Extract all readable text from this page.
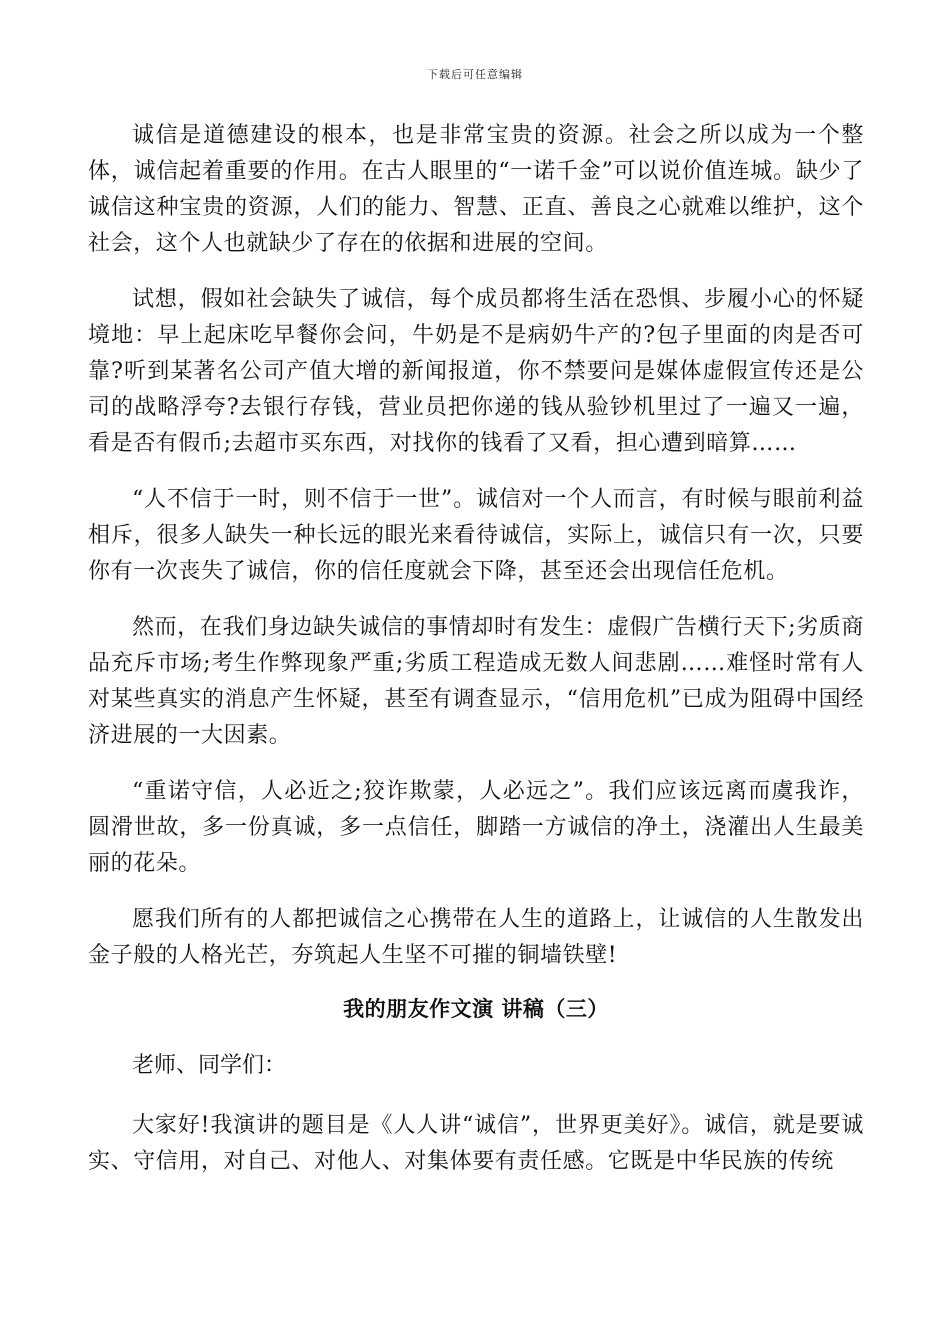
下载后可任意编辑

诚信是道德建设的根本，也是非常宝贵的资源。社会之所以成为一个整体，诚信起着重要的作用。在古人眼里的“一诺千金”可以说价值连城。缺少了诚信这种宝贵的资源，人们的能力、智慧、正直、善良之心就难以维护，这个社会，这个人也就缺少了存在的依据和进展的空间。

试想，假如社会缺失了诚信，每个成员都将生活在恐惧、步履小心的怀疑境地：早上起床吃早餐你会问，牛奶是不是病奶牛产的?包子里面的肉是否可靠?听到某著名公司产值大增的新闻报道，你不禁要问是媒体虚假宣传还是公司的战略浮夸?去银行存钱，营业员把你递的钱从验钞机里过了一遍又一遍，看是否有假币;去超市买东西，对找你的钱看了又看，担心遭到暗算……

“人不信于一时，则不信于一世”。诚信对一个人而言，有时候与眼前利益相斥，很多人缺失一种长远的眼光来看待诚信，实际上，诚信只有一次，只要你有一次丧失了诚信，你的信任度就会下降，甚至还会出现信任危机。

然而，在我们身边缺失诚信的事情却时有发生：虚假广告横行天下;劣质商品充斥市场;考生作弊现象严重;劣质工程造成无数人间悲剧……难怪时常有人对某些真实的消息产生怀疑，甚至有调查显示，“信用危机”已成为阻碍中国经济进展的一大因素。

“重诺守信，人必近之;狡诈欺蒙，人必远之”。我们应该远离而虞我诈，圆滑世故，多一份真诚，多一点信任，脚踏一方诚信的净土，浇灌出人生最美丽的花朵。

愿我们所有的人都把诚信之心携带在人生的道路上，让诚信的人生散发出金子般的人格光芒，夯筑起人生坚不可摧的铜墙铁壁!

我的朋友作文演 讲稿（三）

老师、同学们：

大家好!我演讲的题目是《人人讲“诚信”，世界更美好》。诚信，就是要诚实、守信用，对自己、对他人、对集体要有责任感。它既是中华民族的传统
